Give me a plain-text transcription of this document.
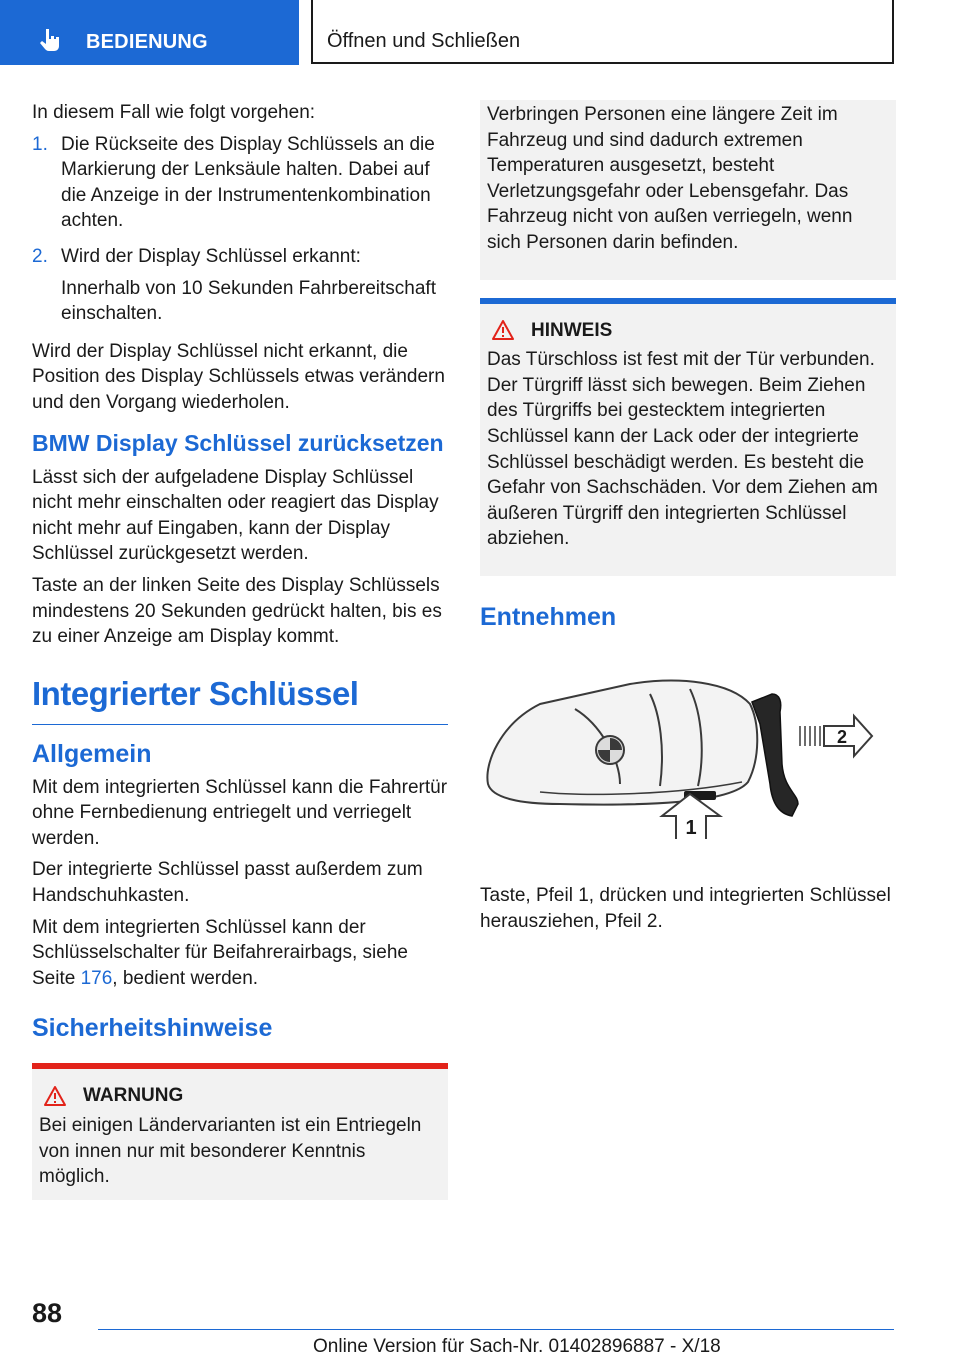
BEDIENUNG	Öffnen und Schließen

In diesem Fall wie folgt vorgehen:

1. Die Rückseite des Display Schlüssels an die Markierung der Lenksäule halten. Dabei auf die Anzeige in der Instrumentenkombination achten.

2. Wird der Display Schlüssel erkannt:

Innerhalb von 10 Sekunden Fahrbereitschaft einschalten.

Wird der Display Schlüssel nicht erkannt, die Position des Display Schlüssels etwas verändern und den Vorgang wiederholen.

BMW Display Schlüssel zurücksetzen

Lässt sich der aufgeladene Display Schlüssel nicht mehr einschalten oder reagiert das Display nicht mehr auf Eingaben, kann der Display Schlüssel zurückgesetzt werden.

Taste an der linken Seite des Display Schlüssels mindestens 20 Sekunden gedrückt halten, bis es zu einer Anzeige am Display kommt.

Integrierter Schlüssel
Allgemein

Mit dem integrierten Schlüssel kann die Fahrertür ohne Fernbedienung entriegelt und verriegelt werden.

Der integrierte Schlüssel passt außerdem zum Handschuhkasten.

Mit dem integrierten Schlüssel kann der Schlüsselschalter für Beifahrerairbags, siehe Seite 176, bedient werden.

Sicherheitshinweise
WARNUNG

Bei einigen Ländervarianten ist ein Entriegeln von innen nur mit besonderer Kenntnis möglich.

Verbringen Personen eine längere Zeit im Fahrzeug und sind dadurch extremen Temperaturen ausgesetzt, besteht Verletzungsgefahr oder Lebensgefahr. Das Fahrzeug nicht von außen verriegeln, wenn sich Personen darin befinden.

HINWEIS

Das Türschloss ist fest mit der Tür verbunden. Der Türgriff lässt sich bewegen. Beim Ziehen des Türgriffs bei gestecktem integrierten Schlüssel kann der Lack oder der integrierte Schlüssel beschädigt werden. Es besteht die Gefahr von Sachschäden. Vor dem Ziehen am äußeren Türgriff den integrierten Schlüssel abziehen.

Entnehmen
1
2

Taste, Pfeil 1, drücken und integrierten Schlüssel herausziehen, Pfeil 2.

88
Online Version für Sach-Nr. 01402896887 - X/18
